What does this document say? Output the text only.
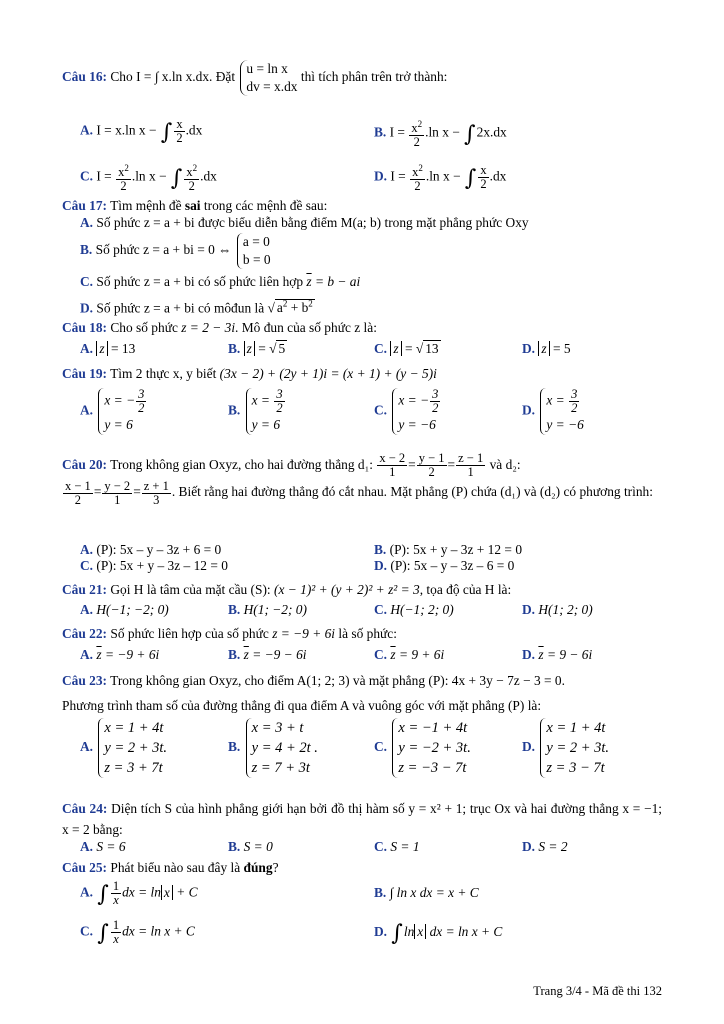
Câu 16: Cho I = ∫ x.ln x.dx. Đặt
u = ln x
dv = x.dx
thì tích phân trên trở thành:
A. I = x.ln x − ∫ $\frac{x}{2} .dx$	B. $I = \frac{x^2}{2} .\ln$ x − ∫2x.dx
C. $I = \frac{x^2}{2} .\ln$ x − ∫ $\frac{x^2}{2} .dx$	D. $I = \frac{x^2}{2} .\ln$ x − ∫ $\frac{x}{2} .dx$
Câu 17: Tìm mệnh đề sai trong các mệnh đề sau:
A. Số phức z = a + bi được biểu diễn bằng điểm M(a; b) trong mặt phẳng phức Oxy
B. Số phức z = a + bi = 0 ⇔
a = 0
b = 0
C. Số phức z = a + bi có số phức liên hợp $\overline{z} = b$ − ai
D. Số phức z = a + bi có môđun là √ $a^2 + b^2$
Câu 18: Cho số phức z = 2 − 3i. Mô đun của số phức z là:
A. z = 13	B. z = √ 5	C. z = √ 13	D. z = 5
Câu 19: Tìm 2 thực x, y biết (3x − 2) + (2y + 1)i = (x + 1) + (y − 5)i
A.
x = − $\frac{3}{2}$
y = 6
B.
$x = \frac{3}{2}$
y = 6
C.
x = − $\frac{3}{2}$
y = −6
D.
$x = \frac{3}{2}$
y = −6
Câu 20: Trong không gian Oxyz, cho hai đường thẳng d₁: $\frac{x - 2}{1} = \frac{y - 1}{2} = \frac{z - 1}{1}$ và d₂:

$\frac{x - 1}{2} = \frac{y - 2}{1} = \frac{z + 1}{3}$ . Biết rằng hai đường thẳng đó cắt nhau. Mặt phẳng (P) chứa (d₁) và (d₂) có phương trình:
A. (P): 5x – y – 3z + 6 = 0	B. (P): 5x + y – 3z + 12 = 0
C. (P): 5x + y – 3z – 12 = 0	D. (P): 5x – y – 3z – 6 = 0
Câu 21: Gọi H là tâm của mặt cầu (S): (x − 1)² + (y + 2)² + z² = 3, tọa độ của H là:
A. H(−1; −2; 0)	B. H(1; −2; 0)	C. H(−1; 2; 0)	D. H(1; 2; 0)
Câu 22: Số phức liên hợp của số phức z = −9 + 6i là số phức:
A. $\overline{z} = -9 + 6i$	B. $\overline{z} = -9 - 6i$	C. $\overline{z} = 9 + 6i$	D. $\overline{z} = 9 - 6i$
Câu 23: Trong không gian Oxyz, cho điểm A(1; 2; 3) và mặt phẳng (P): 4x + 3y − 7z − 3 = 0.
Phương trình tham số của đường thẳng đi qua điểm A và vuông góc với mặt phẳng (P) là:
A.
x = 1 + 4t
y = 2 + 3t.
z = 3 + 7t
B.
x = 3 + t
y = 4 + 2t .
z = 7 + 3t
C.
x = −1 + 4t
y = −2 + 3t.
z = −3 − 7t
D.
x = 1 + 4t
y = 2 + 3t.
z = 3 − 7t
Câu 24: Diện tích S của hình phẳng giới hạn bởi đồ thị hàm số y = x² + 1; trục Ox và hai đường thẳng x = −1; x = 2 bằng:
A. S = 6	B. S = 0	C. S = 1	D. S = 2
Câu 25: Phát biểu nào sau đây là đúng?
A. ∫ $\frac{1}{x}$ dx = ln x + C	B. ∫ ln x dx = x + C
C. ∫ $\frac{1}{x}$ dx = ln x + C	D. ∫ln x dx = ln x + C
Trang 3/4 - Mã đề thi 132
